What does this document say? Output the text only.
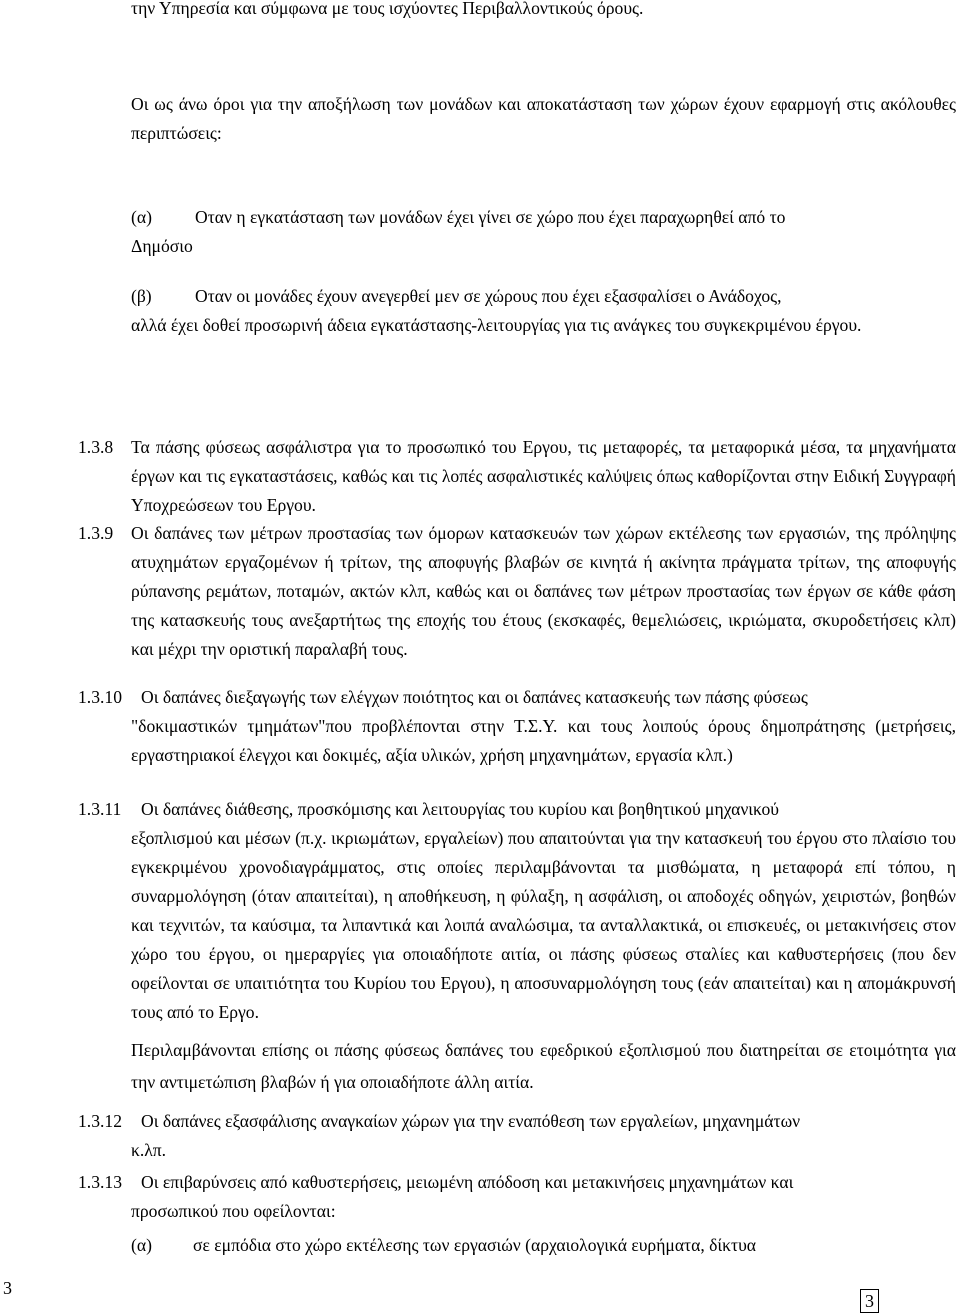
την Υπηρεσία και σύμφωνα με τους ισχύοντες Περιβαλλοντικούς όρους.

Οι ως άνω όροι για την αποξήλωση των μονάδων και αποκατάσταση των χώρων έχουν εφαρμογή στις ακόλουθες περιπτώσεις:

(α) Οταν η εγκατάσταση των μονάδων έχει γίνει σε χώρο που έχει παραχωρηθεί από το
Δημόσιο
(β) Οταν οι μονάδες έχουν ανεγερθεί μεν σε χώρους που έχει εξασφαλίσει ο Ανάδοχος,
αλλά έχει δοθεί προσωρινή άδεια εγκατάστασης-λειτουργίας για τις ανάγκες του συγκεκριμένου έργου.
1.3.8 Τα πάσης φύσεως ασφάλιστρα για το προσωπικό του Εργου, τις μεταφορές, τα μεταφορικά μέσα, τα μηχανήματα έργων και τις εγκαταστάσεις, καθώς και τις λοπές ασφαλιστικές καλύψεις όπως καθορίζονται στην Ειδική Συγγραφή Υποχρεώσεων του Εργου.
1.3.9 Οι δαπάνες των μέτρων προστασίας των όμορων κατασκευών των χώρων εκτέλεσης των εργασιών, της πρόληψης ατυχημάτων εργαζομένων ή τρίτων, της αποφυγής βλαβών σε κινητά ή ακίνητα πράγματα τρίτων, της αποφυγής ρύπανσης ρεμάτων, ποταμών, ακτών κλπ, καθώς και οι δαπάνες των μέτρων προστασίας των έργων σε κάθε φάση της κατασκευής τους ανεξαρτήτως της εποχής του έτους (εκσκαφές, θεμελιώσεις, ικριώματα, σκυροδετήσεις κλπ) και μέχρι την οριστική παραλαβή τους.
1.3.10 Οι δαπάνες διεξαγωγής των ελέγχων ποιότητος και οι δαπάνες κατασκευής των πάσης φύσεως
"δοκιμαστικών τμημάτων"που προβλέπονται στην Τ.Σ.Υ. και τους λοιπούς όρους δημοπράτησης (μετρήσεις, εργαστηριακοί έλεγχοι και δοκιμές, αξία υλικών, χρήση μηχανημάτων, εργασία κλπ.)
1.3.11 Οι δαπάνες διάθεσης, προσκόμισης και λειτουργίας του κυρίου και βοηθητικού μηχανικού
εξοπλισμού και μέσων (π.χ. ικριωμάτων, εργαλείων) που απαιτούνται για την κατασκευή του έργου στο πλαίσιο του εγκεκριμένου χρονοδιαγράμματος, στις οποίες περιλαμβάνονται τα μισθώματα, η μεταφορά επί τόπου, η συναρμολόγηση (όταν απαιτείται), η αποθήκευση, η φύλαξη, η ασφάλιση, οι αποδοχές οδηγών, χειριστών, βοηθών και τεχνιτών, τα καύσιμα, τα λιπαντικά και λοιπά αναλώσιμα, τα ανταλλακτικά, οι επισκευές, οι μετακινήσεις στον χώρο του έργου, οι ημεραργίες για οποιαδήποτε αιτία, οι πάσης φύσεως σταλίες και καθυστερήσεις (που δεν οφείλονται σε υπαιτιότητα του Κυρίου του Εργου), η αποσυναρμολόγηση τους (εάν απαιτείται) και η απομάκρυνσή τους από το Εργο.

Περιλαμβάνονται επίσης οι πάσης φύσεως δαπάνες του εφεδρικού εξοπλισμού που διατηρείται σε ετοιμότητα για την αντιμετώπιση βλαβών ή για οποιαδήποτε άλλη αιτία.

1.3.12 Οι δαπάνες εξασφάλισης αναγκαίων χώρων για την εναπόθεση των εργαλείων, μηχανημάτων
κ.λπ.
1.3.13 Οι επιβαρύνσεις από καθυστερήσεις, μειωμένη απόδοση και μετακινήσεις μηχανημάτων και
προσωπικού που οφείλονται:
(α) σε εμπόδια στο χώρο εκτέλεσης των εργασιών (αρχαιολογικά ευρήματα, δίκτυα
3
3
